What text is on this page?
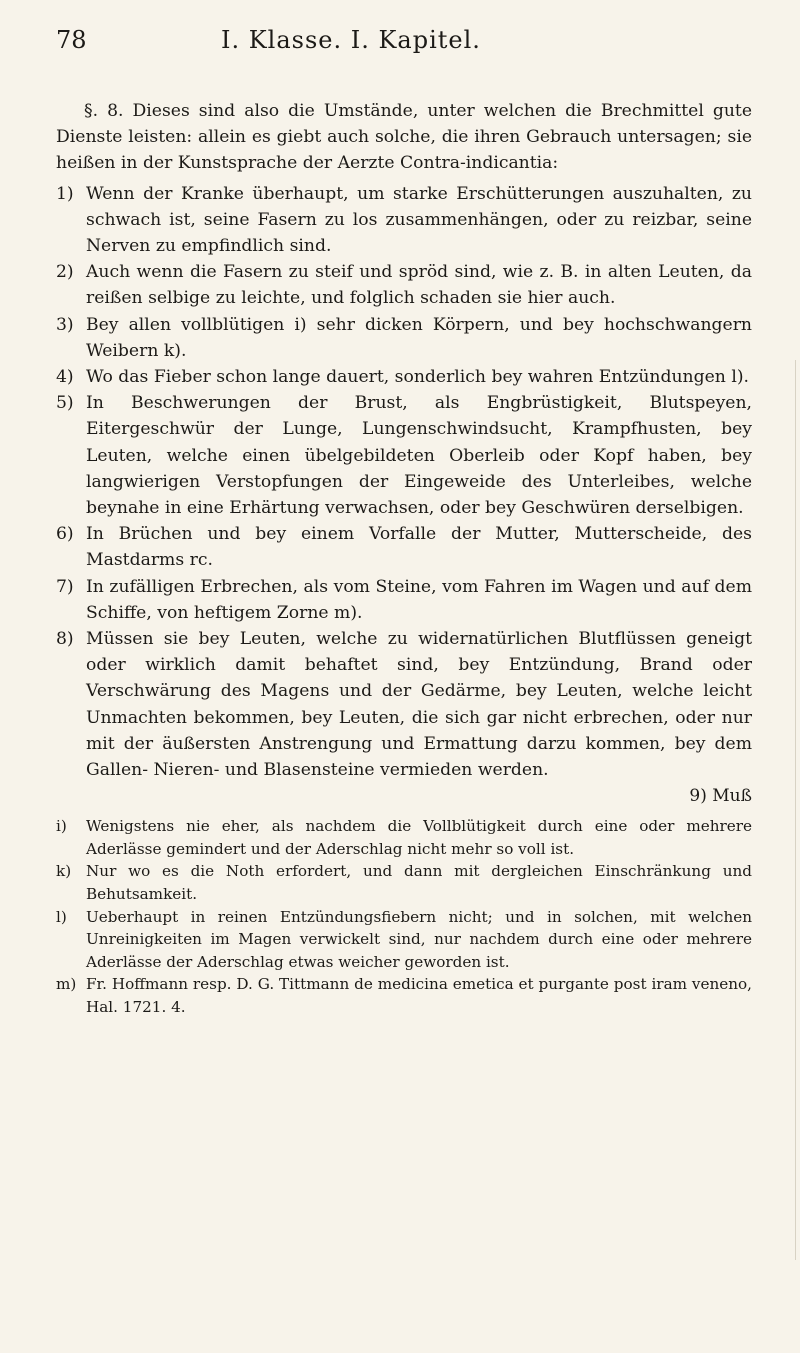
78	I. Klasse. I. Kapitel.

§. 8. Dieses sind also die Umstände, unter welchen die Brechmittel gute Dienste leisten: allein es giebt auch solche, die ihren Gebrauch untersagen; sie heißen in der Kunstsprache der Aerzte Contra-indicantia:

1) Wenn der Kranke überhaupt, um starke Erschütterungen auszuhalten, zu schwach ist, seine Fasern zu los zusammenhängen, oder zu reizbar, seine Nerven zu empfindlich sind.
2) Auch wenn die Fasern zu steif und spröd sind, wie z. B. in alten Leuten, da reißen selbige zu leichte, und folglich schaden sie hier auch.
3) Bey allen vollblütigen i) sehr dicken Körpern, und bey hochschwangern Weibern k).
4) Wo das Fieber schon lange dauert, sonderlich bey wahren Entzündungen l).
5) In Beschwerungen der Brust, als Engbrüstigkeit, Blutspeyen, Eitergeschwür der Lunge, Lungenschwindsucht, Krampfhusten, bey Leuten, welche einen übelgebildeten Oberleib oder Kopf haben, bey langwierigen Verstopfungen der Eingeweide des Unterleibes, welche beynahe in eine Erhärtung verwachsen, oder bey Geschwüren derselbigen.
6) In Brüchen und bey einem Vorfalle der Mutter, Mutterscheide, des Mastdarms rc.
7) In zufälligen Erbrechen, als vom Steine, vom Fahren im Wagen und auf dem Schiffe, von heftigem Zorne m).
8) Müssen sie bey Leuten, welche zu widernatürlichen Blutflüssen geneigt oder wirklich damit behaftet sind, bey Entzündung, Brand oder Verschwärung des Magens und der Gedärme, bey Leuten, welche leicht Unmachten bekommen, bey Leuten, die sich gar nicht erbrechen, oder nur mit der äußersten Anstrengung und Ermattung darzu kommen, bey dem Gallen- Nieren- und Blasensteine vermieden werden.
9) Muß
i) Wenigstens nie eher, als nachdem die Vollblütigkeit durch eine oder mehrere Aderlässe gemindert und der Aderschlag nicht mehr so voll ist.
k) Nur wo es die Noth erfordert, und dann mit dergleichen Einschränkung und Behutsamkeit.
l) Ueberhaupt in reinen Entzündungsfiebern nicht; und in solchen, mit welchen Unreinigkeiten im Magen verwickelt sind, nur nachdem durch eine oder mehrere Aderlässe der Aderschlag etwas weicher geworden ist.
m) Fr. Hoffmann resp. D. G. Tittmann de medicina emetica et purgante post iram veneno, Hal. 1721. 4.
